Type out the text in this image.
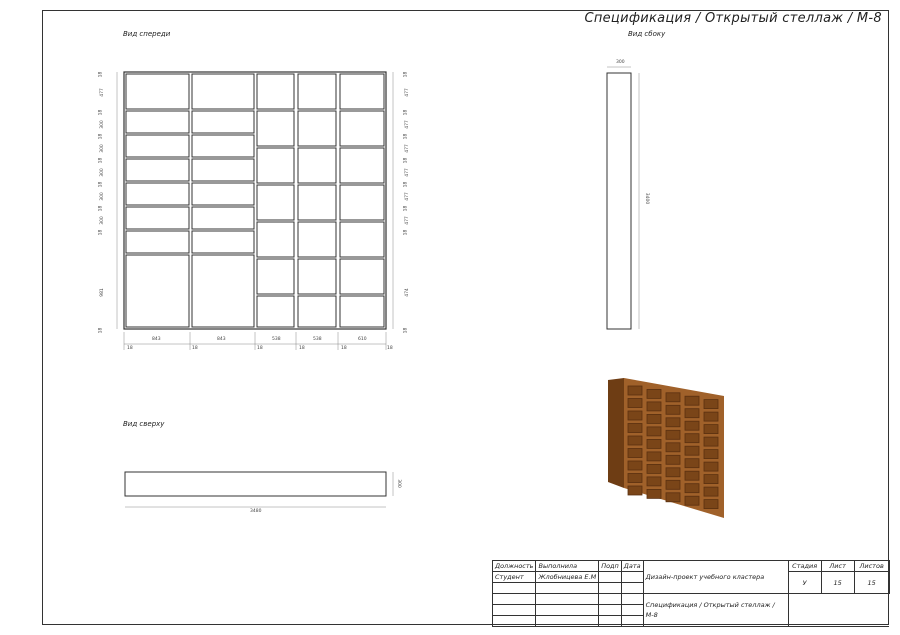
Спецификация / Открытый стеллаж / М-8
Вид спереди	Вид сбоку
Вид сверху
18
477
18
300
18
300
18
300
18
300
18
300
18
981
18
18
477
18
477
18
477
18
477
18
477
18
477
18
474
18
843	843	538	538	610
18	18	18	18	18	18
300
3400
3480
300
Должность	Выполнила	Подп	Дата	Дизайн-проект учебного кластера	Стадия	Лист	Листов
Студент	Жлобницева Е.М				У	15	15

				Спецификация / Открытый стеллаж / М-8			
